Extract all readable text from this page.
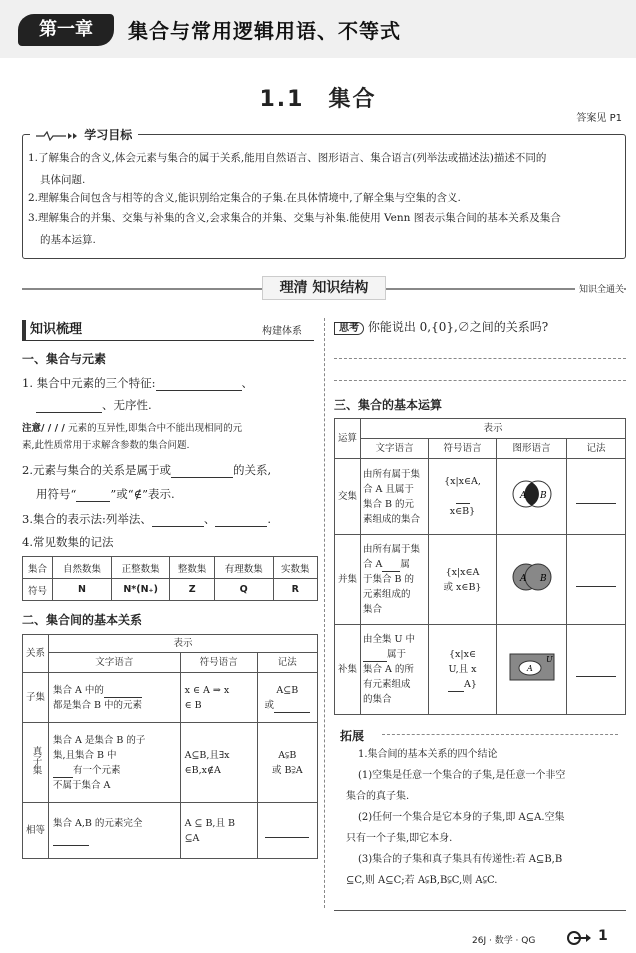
第一章	集合与常用逻辑用语、不等式
1.1　集合
答案见 P1
学习目标
1.了解集合的含义,体会元素与集合的属于关系,能用自然语言、图形语言、集合语言(列举法或描述法)描述不同的
具体问题.
2.理解集合间包含与相等的含义,能识别给定集合的子集.在具体情境中,了解全集与空集的含义.
3.理解集合的并集、交集与补集的含义,会求集合的并集、交集与补集.能使用 Venn 图表示集合间的基本关系及集合
的基本运算.
理清 知识结构	知识全通关
知识梳理	构建体系
一、集合与元素
1. 集合中元素的三个特征:	、
、无序性.
注意/ / / / 元素的互异性,即集合中不能出现相同的元
素,此性质常用于求解含参数的集合问题.
2.元素与集合的关系是属于或	的关系,
用符号“	”或“∉”表示.
3.集合的表示法:列举法、	、	.
4.常见数集的记法
集合	自然数集	正整数集	整数集	有理数集	实数集
符号	N	N*(N₊)	Z	Q	R
二、集合间的基本关系
关系	表示		
	文字语言	符号语言	记法
子集	集合 A 中的
都是集合 B 中的元素	x ∈ A ⇒ x
∈ B	A⊆B
或
真子集	集合 A 是集合 B 的子
集,且集合 B 中
有一个元素
不属于集合 A	A⊆B,且∃x
∈B,x∉A	A⫋B
或 B⫌A
相等	集合 A,B 的元素完全	A ⊆ B,且 B
⊆A	
思考 你能说出 0,{0},∅之间的关系吗?
三、集合的基本运算
运算	表示			
	文字语言	符号语言	图形语言	记法
交集	由所有属于集
合 A 且属于
集合 B 的元
素组成的集合	{x|x∈A,

x∈B}	A B	

并集	由所有属于集
合 A 属
于集合 B 的
元素组成的
集合	{x|x∈A
或 x∈B}	A B	

补集	由全集 U 中
属于
集合 A 的所
有元素组成
的集合	{x|x∈
U,且 x
A}	A
U	

拓展
1.集合间的基本关系的四个结论
(1)空集是任意一个集合的子集,是任意一个非空
集合的真子集.
(2)任何一个集合是它本身的子集,即 A⊆A.空集
只有一个子集,即它本身.
(3)集合的子集和真子集具有传递性:若 A⊆B,B
⊆C,则 A⊆C;若 A⫋B,B⫋C,则 A⫋C.
26J · 数学 · QG	1
